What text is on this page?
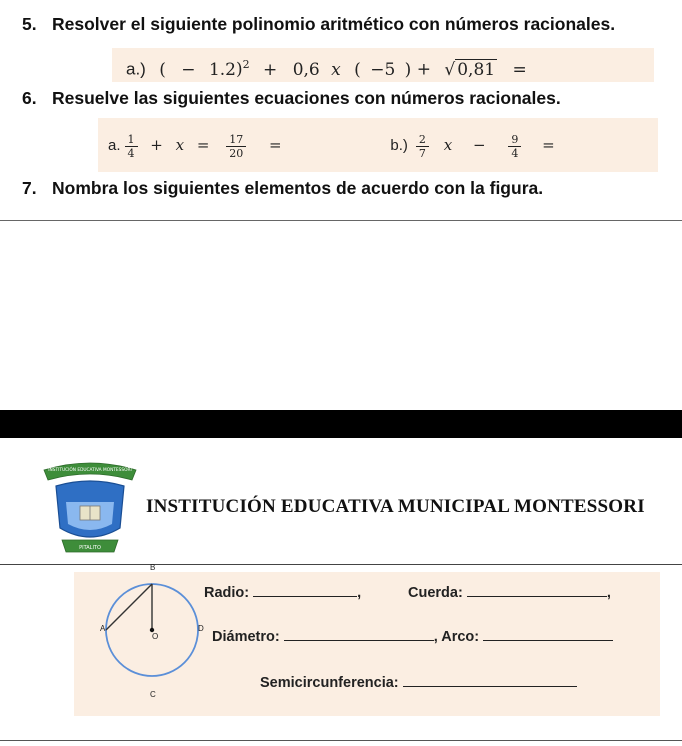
5. Resolver el siguiente polinomio aritmético con números racionales.
a.) ( − 1.2)$^2$ + 0,6 x ( −5 ) + √ 0,81 =
6. Resuelve las siguientes ecuaciones con números racionales.
a. $\frac{1}{4} + x = \frac{17}{20}$ =	$b.) \frac{2}{7}$ $x - \frac{9}{4}$ =
7. Nombra los siguientes elementos de acuerdo con la figura.
INSTITUCIÓN EDUCATIVA MONTESSORI
PITALITO
INSTITUCIÓN EDUCATIVA MUNICIPAL MONTESSORI
B
A
O
D
C
Radio:	,	Cuerda:	,
Diámetro:	, Arco:
Semicircunferencia:
